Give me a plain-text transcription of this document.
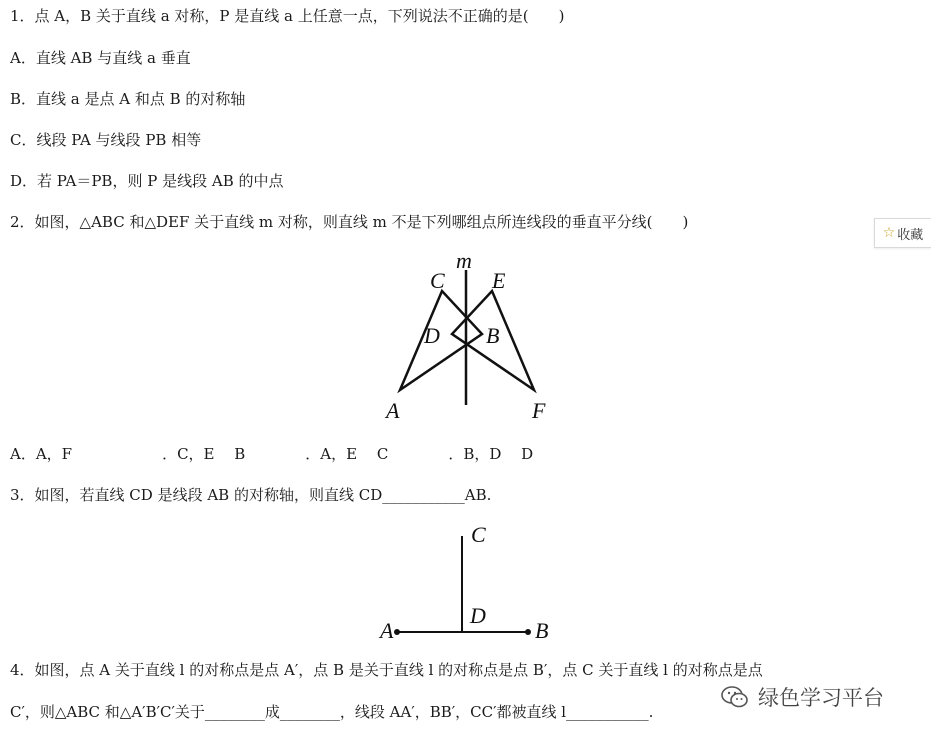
1．点 A，B 关于直线 a 对称，P 是直线 a 上任意一点，下列说法不正确的是(　　)
A．直线 AB 与直线 a 垂直
B．直线 a 是点 A 和点 B 的对称轴
C．线段 PA 与线段 PB 相等
D．若 PA＝PB，则 P 是线段 AB 的中点
2．如图，△ABC 和△DEF 关于直线 m 对称，则直线 m 不是下列哪组点所连线段的垂直平分线(　　)
m
C E
D B
A	F
A．A，F　　　　　　．C，E　 B　　　　．A，E　 C　　　　．B，D　 D
3．如图，若直线 CD 是线段 AB 的对称轴，则直线 CD___________AB.
C
D
A	B
4．如图，点 A 关于直线 l 的对称点是点 A′，点 B 是关于直线 l 的对称点是点 B′，点 C 关于直线 l 的对称点是点
C′，则△ABC 和△A′B′C′关于________成________，线段 AA′，BB′，CC′都被直线 l___________.
☆ 收藏
绿色学习平台
